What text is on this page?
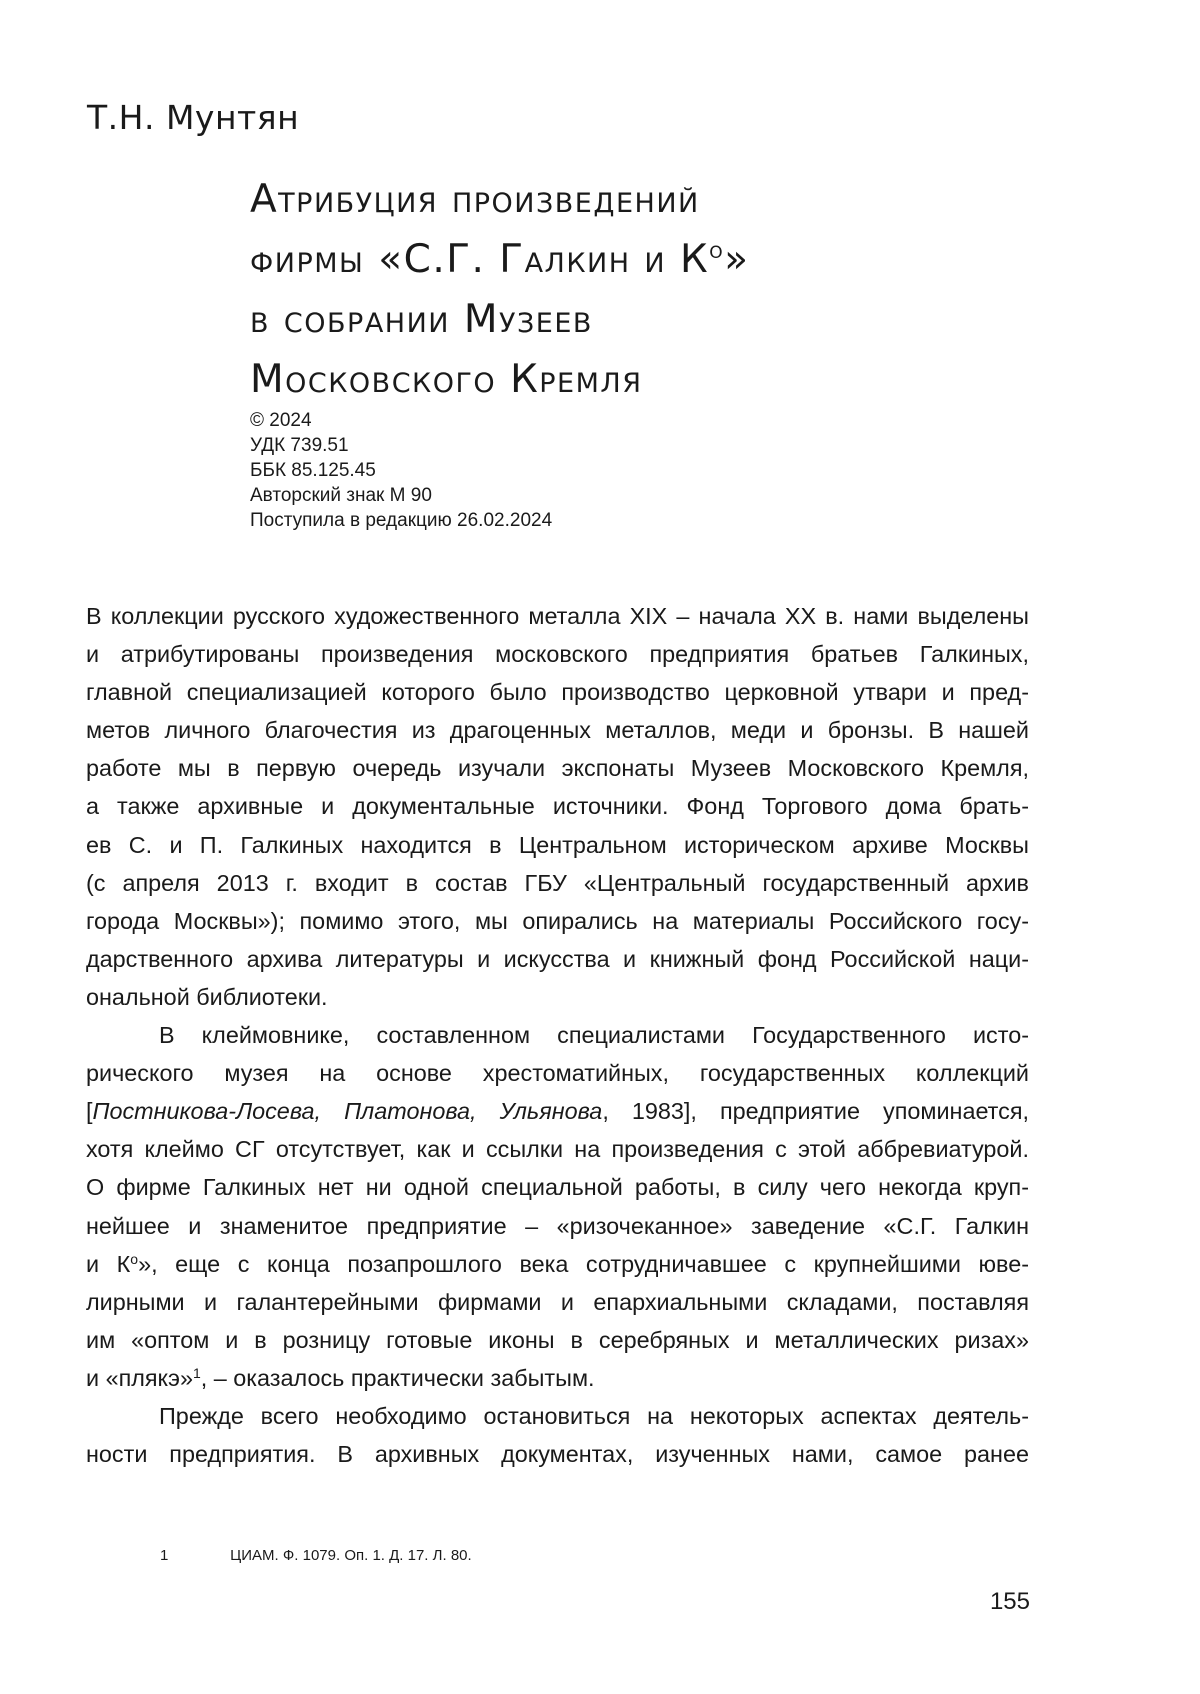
Т.Н. Мунтян
Атрибуция произведений
фирмы «С.Г. Галкин и $К^о$»
в собрании Музеев
Московского Кремля
© 2024
УДК 739.51
ББК 85.125.45
Авторский знак М 90
Поступила в редакцию 26.02.2024
В коллекции русского художественного металла XIX – начала XX в. нами выделены
и атрибутированы произведения московского предприятия братьев Галкиных,
главной специализацией которого было производство церковной утвари и пред-
метов личного благочестия из драгоценных металлов, меди и бронзы. В нашей
работе мы в первую очередь изучали экспонаты Музеев Московского Кремля,
а также архивные и документальные источники. Фонд Торгового дома брать-
ев С. и П. Галкиных находится в Центральном историческом архиве Москвы
(с апреля 2013 г. входит в состав ГБУ «Центральный государственный архив
города Москвы»); помимо этого, мы опирались на материалы Российского госу-
дарственного архива литературы и искусства и книжный фонд Российской наци-
ональной библиотеки.
В клеймовнике, составленном специалистами Государственного исто-
рического музея на основе хрестоматийных, государственных коллекций
[Постникова-Лосева, Платонова, Ульянова, 1983], предприятие упоминается,
хотя клеймо СГ отсутствует, как и ссылки на произведения с этой аббревиатурой.
О фирме Галкиных нет ни одной специальной работы, в силу чего некогда круп-
нейшее и знаменитое предприятие – «ризочеканное» заведение «С.Г. Галкин
и $К^о$», еще с конца позапрошлого века сотрудничавшее с крупнейшими юве-
лирными и галантерейными фирмами и епархиальными складами, поставляя
им «оптом и в розницу готовые иконы в серебряных и металлических ризах»
и «плякэ»$^1$, – оказалось практически забытым.
Прежде всего необходимо остановиться на некоторых аспектах деятель-
ности предприятия. В архивных документах, изученных нами, самое ранее
1	ЦИАМ. Ф. 1079. Оп. 1. Д. 17. Л. 80.
155
